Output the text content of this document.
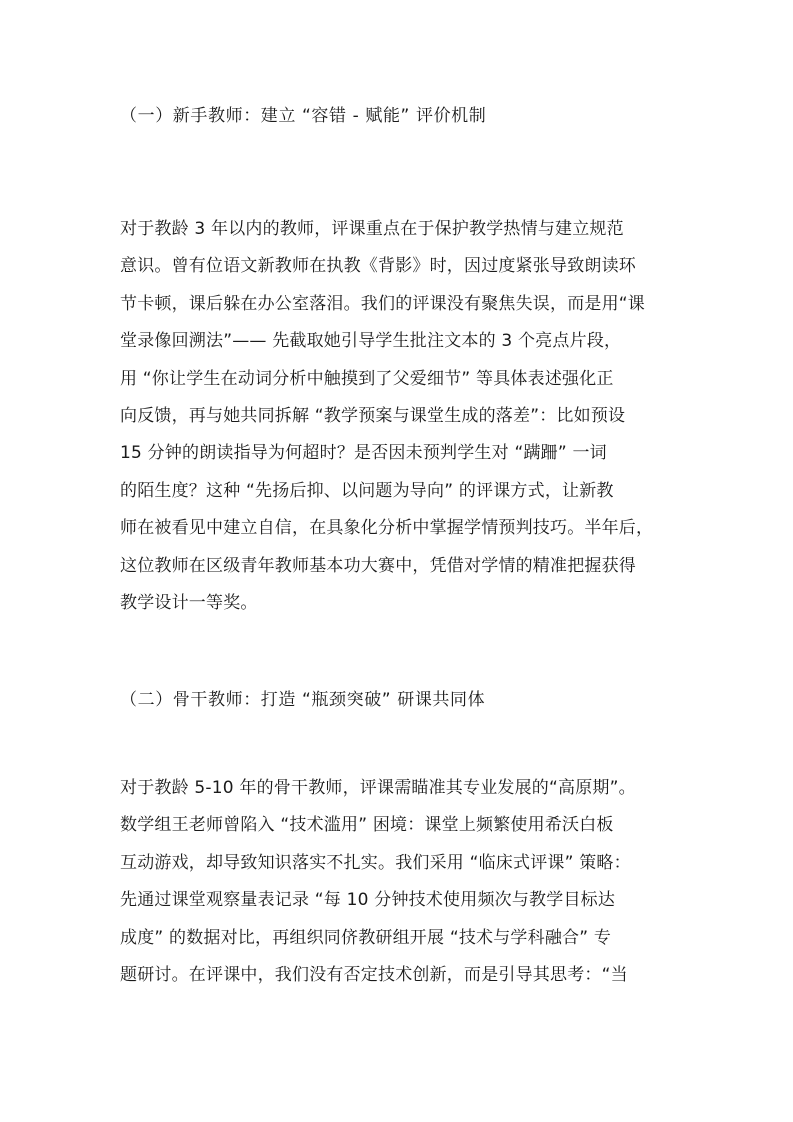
（一）新手教师：建立 “容错 - 赋能” 评价机制
对于教龄 3 年以内的教师，评课重点在于保护教学热情与建立规范
意识。曾有位语文新教师在执教《背影》时，因过度紧张导致朗读环
节卡顿，课后躲在办公室落泪。我们的评课没有聚焦失误，而是用“课
堂录像回溯法”—— 先截取她引导学生批注文本的 3 个亮点片段，
用 “你让学生在动词分析中触摸到了父爱细节” 等具体表述强化正
向反馈，再与她共同拆解 “教学预案与课堂生成的落差”：比如预设
15 分钟的朗读指导为何超时？是否因未预判学生对 “蹒跚” 一词
的陌生度？这种 “先扬后抑、以问题为导向” 的评课方式，让新教
师在被看见中建立自信，在具象化分析中掌握学情预判技巧。半年后，
这位教师在区级青年教师基本功大赛中，凭借对学情的精准把握获得
教学设计一等奖。
（二）骨干教师：打造 “瓶颈突破” 研课共同体
对于教龄 5-10 年的骨干教师，评课需瞄准其专业发展的“高原期”。
数学组王老师曾陷入 “技术滥用” 困境：课堂上频繁使用希沃白板
互动游戏，却导致知识落实不扎实。我们采用 “临床式评课” 策略：
先通过课堂观察量表记录 “每 10 分钟技术使用频次与教学目标达
成度” 的数据对比，再组织同侪教研组开展 “技术与学科融合” 专
题研讨。在评课中，我们没有否定技术创新，而是引导其思考：“当
